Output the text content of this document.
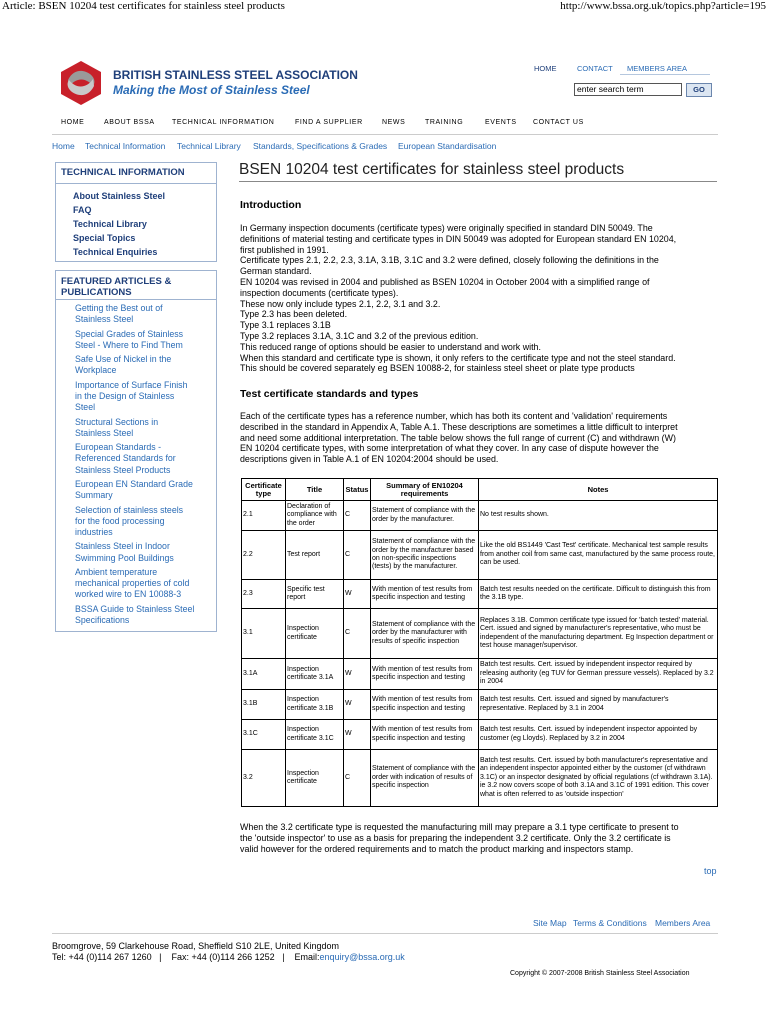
Article: BSEN 10204 test certificates for stainless steel products	http://www.bssa.org.uk/topics.php?article=195
BRITISH STAINLESS STEEL ASSOCIATION
Making the Most of Stainless Steel
HOME	CONTACT MEMBERS AREA
enter search term	GO
HOME	ABOUT BSSA TECHNICAL INFORMATION	FIND A SUPPLIER	NEWS	TRAINING	EVENTS CONTACT US
Home Technical Information Technical Library Standards, Specifications & Grades European Standardisation
TECHNICAL INFORMATION
About Stainless Steel
FAQ
Technical Library
Special Topics
Technical Enquiries
FEATURED ARTICLES &
PUBLICATIONS
Getting the Best out of
Stainless Steel
Special Grades of Stainless
Steel - Where to Find Them
Safe Use of Nickel in the
Workplace
Importance of Surface Finish
in the Design of Stainless
Steel
Structural Sections in
Stainless Steel
European Standards -
Referenced Standards for
Stainless Steel Products
European EN Standard Grade
Summary
Selection of stainless steels
for the food processing
industries
Stainless Steel in Indoor
Swimming Pool Buildings
Ambient temperature
mechanical properties of cold
worked wire to EN 10088-3
BSSA Guide to Stainless Steel
Specifications
BSEN 10204 test certificates for stainless steel products
Introduction
In Germany inspection documents (certificate types) were originally specified in standard DIN 50049. The
definitions of material testing and certificate types in DIN 50049 was adopted for European standard EN 10204,
first published in 1991.
Certificate types 2.1, 2.2, 2.3, 3.1A, 3.1B, 3.1C and 3.2 were defined, closely following the definitions in the
German standard.
EN 10204 was revised in 2004 and published as BSEN 10204 in October 2004 with a simplified range of
inspection documents (certificate types).
These now only include types 2.1, 2.2, 3.1 and 3.2.
Type 2.3 has been deleted.
Type 3.1 replaces 3.1B
Type 3.2 replaces 3.1A, 3.1C and 3.2 of the previous edition.
This reduced range of options should be easier to understand and work with.
When this standard and certificate type is shown, it only refers to the certificate type and not the steel standard.
This should be covered separately eg BSEN 10088-2, for stainless steel sheet or plate type products
Test certificate standards and types
Each of the certificate types has a reference number, which has both its content and 'validation' requirements
described in the standard in Appendix A, Table A.1. These descriptions are sometimes a little difficult to interpret
and need some additional interpretation. The table below shows the full range of current (C) and withdrawn (W)
EN 10204 certificate types, with some interpretation of what they cover. In any case of dispute however the
descriptions given in Table A.1 of EN 10204:2004 should be used.
Certificate type	Title	Status	Summary of EN10204 requirements	Notes
2.1	Declaration of compliance with the order	C	Statement of compliance with the order by the manufacturer.	No test results shown.
2.2	Test report	C	Statement of compliance with the order by the manufacturer based on non-specific inspections (tests) by the manufacturer.	Like the old BS1449 'Cast Test' certificate. Mechanical test sample results from another coil from same cast, manufactured by the same process route, can be used.
2.3	Specific test report	W	With mention of test results from specific inspection and testing	Batch test results needed on the certificate. Difficult to distinguish this from the 3.1B type.
3.1	Inspection certificate	C	Statement of compliance with the order by the manufacturer with results of specific inspection	Replaces 3.1B. Common certificate type issued for 'batch tested' material. Cert. issued and signed by manufacturer's representative, who must be independent of the manufacturing department. Eg Inspection department or test house manager/supervisor.
3.1A	Inspection certificate 3.1A	W	With mention of test results from specific inspection and testing	Batch test results. Cert. issued by independent inspector required by releasing authority (eg TUV for German pressure vessels). Replaced by 3.2 in 2004
3.1B	Inspection certificate 3.1B	W	With mention of test results from specific inspection and testing	Batch test results. Cert. issued and signed by manufacturer's representative. Replaced by 3.1 in 2004
3.1C	Inspection certificate 3.1C	W	With mention of test results from specific inspection and testing	Batch test results. Cert. issued by independent inspector appointed by customer (eg Lloyds). Replaced by 3.2 in 2004
3.2	Inspection certificate	C	Statement of compliance with the order with indication of results of specific inspection	Batch test results. Cert. issued by both manufacturer's representative and an independent inspector appointed either by the customer (cf withdrawn 3.1C) or an inspector designated by official regulations (cf withdrawn 3.1A). ie 3.2 now covers scope of both 3.1A and 3.1C of 1991 edition. This cover what is often referred to as 'outside inspection'
When the 3.2 certificate type is requested the manufacturing mill may prepare a 3.1 type certificate to present to
the 'outside inspector' to use as a basis for preparing the independent 3.2 certificate. Only the 3.2 certificate is
valid however for the ordered requirements and to match the product marking and inspectors stamp.
top
Site Map Terms & Conditions Members Area
Broomgrove, 59 Clarkehouse Road, Sheffield S10 2LE, United Kingdom
Tel: +44 (0)114 267 1260   |    Fax: +44 (0)114 266 1252   |    Email:enquiry@bssa.org.uk
Copyright © 2007-2008 British Stainless Steel Association
